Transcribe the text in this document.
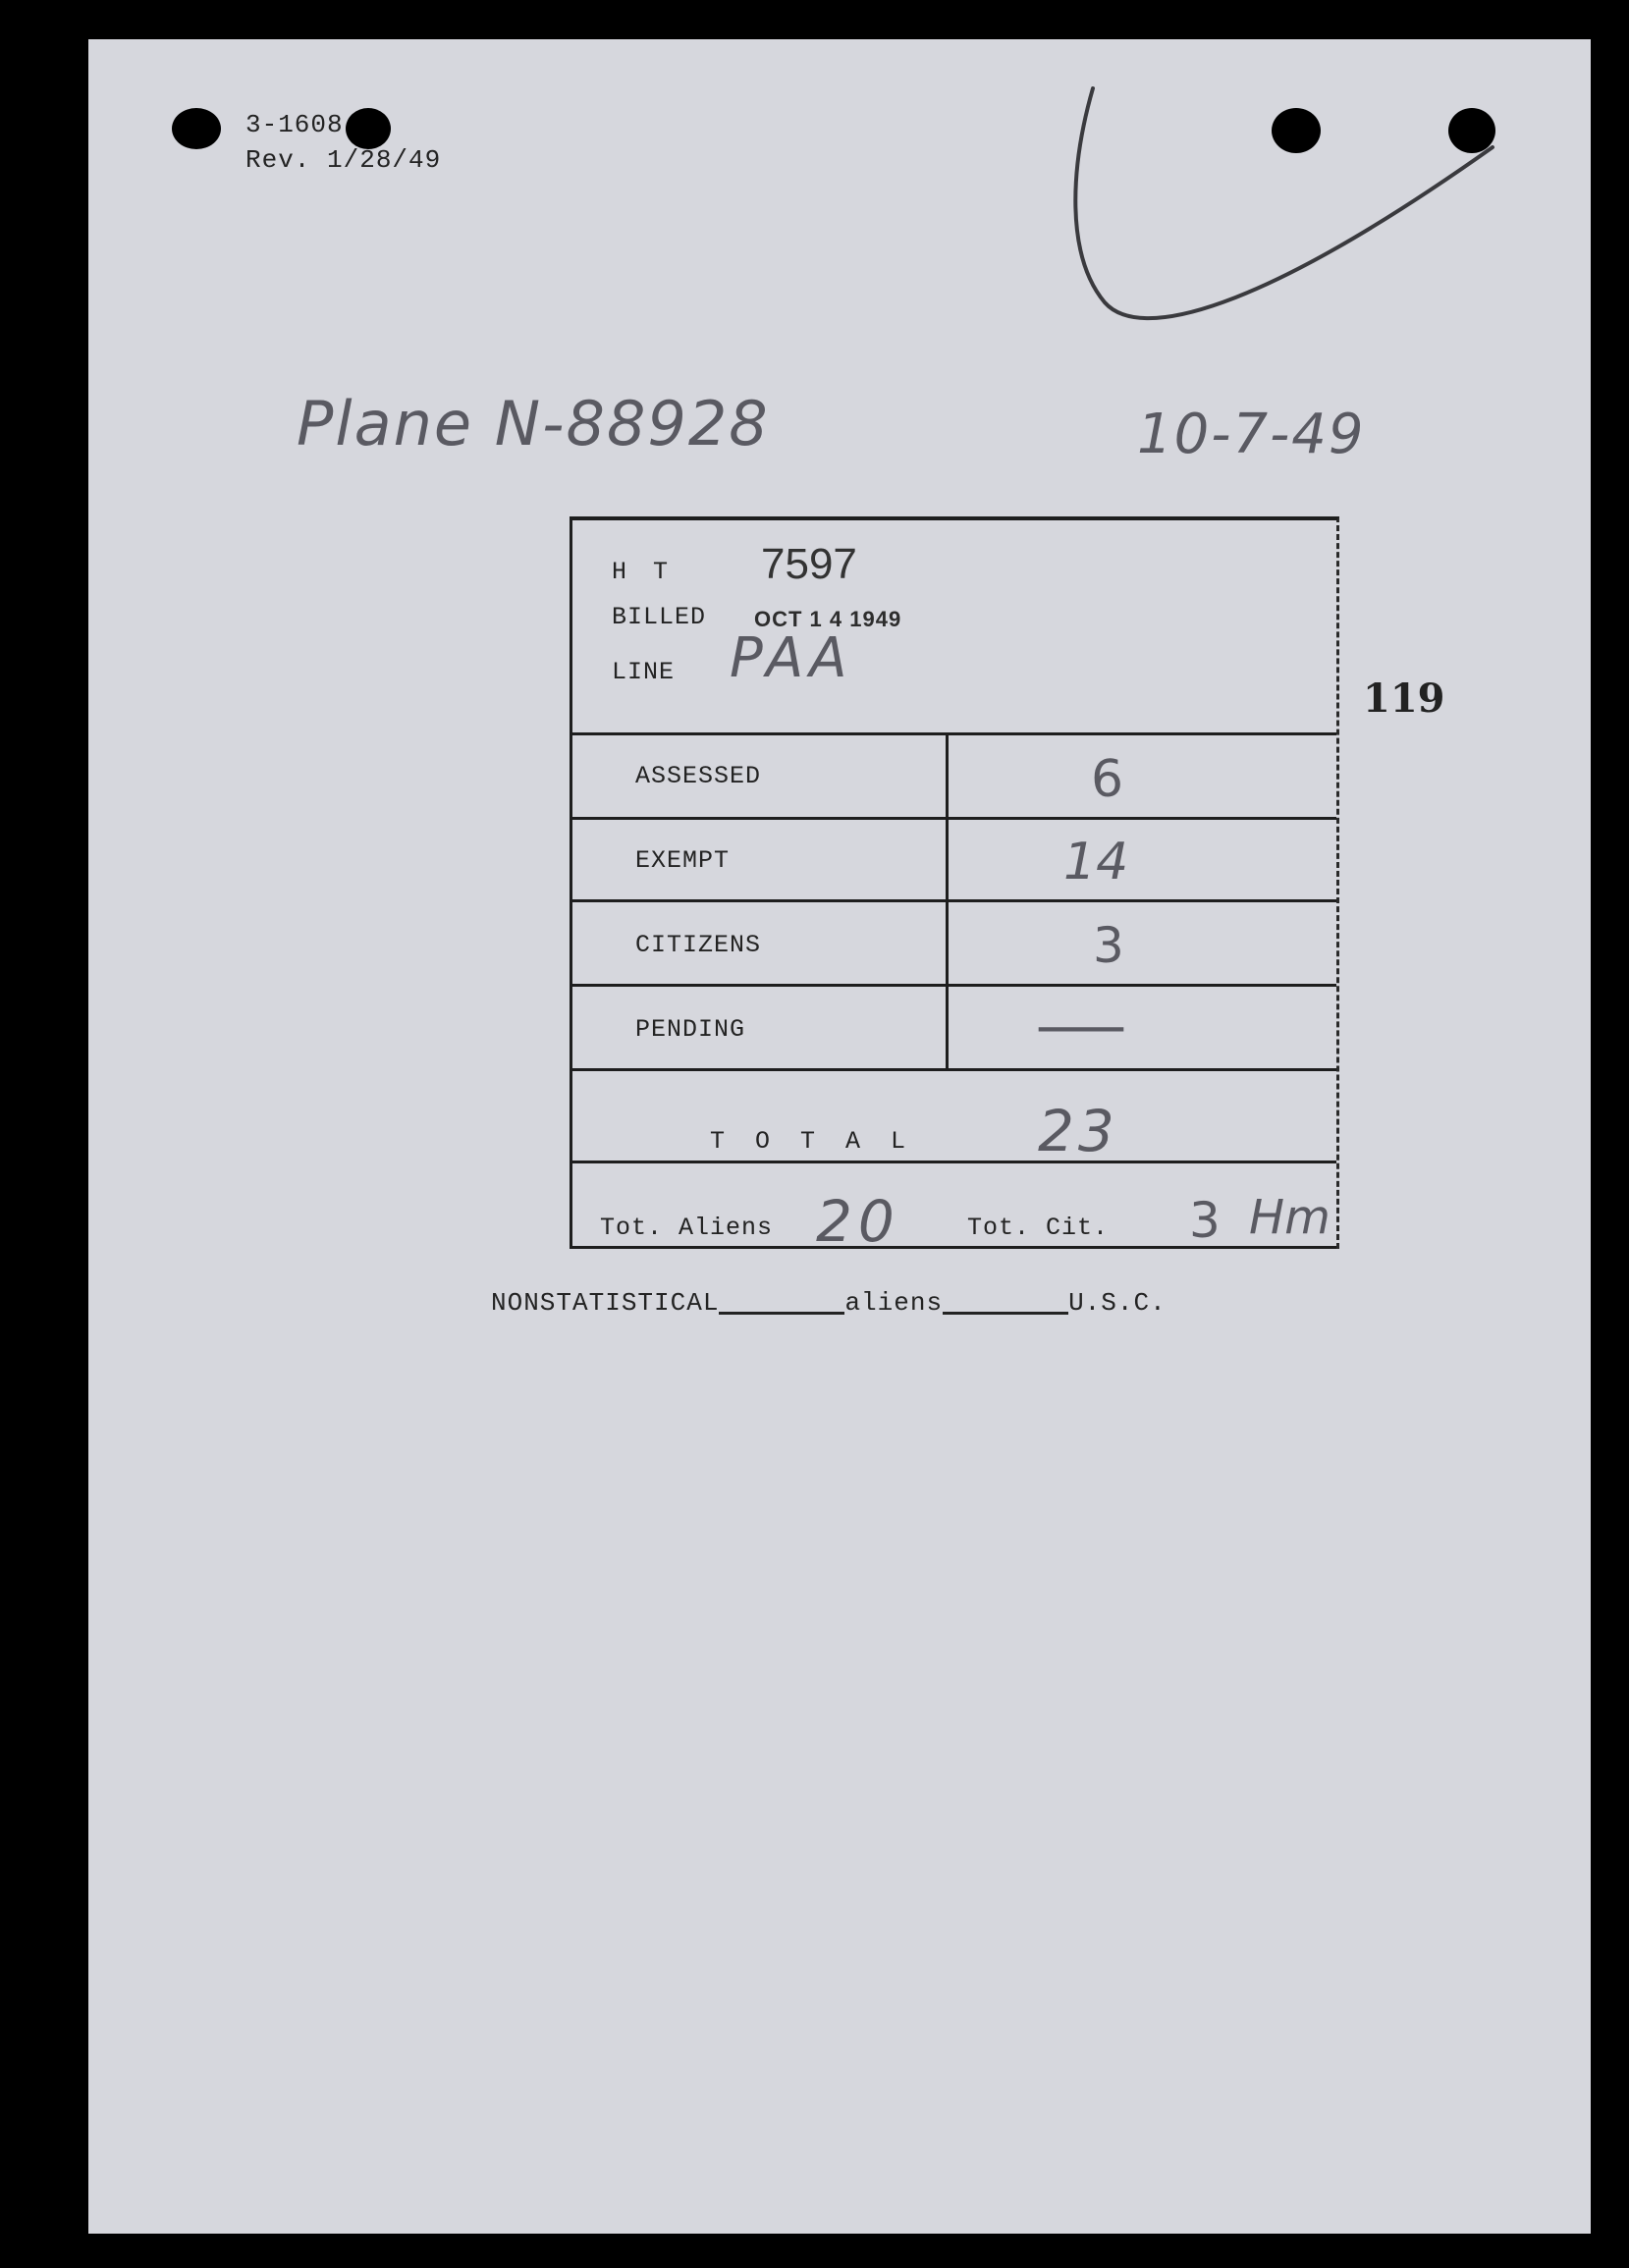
3-1608
Rev. 1/28/49
Plane N-88928	10-7-49
119
H T 7597
BILLED OCT 1 4 1949
LINE PAA
ASSESSED	6
EXEMPT	14
CITIZENS	3
PENDING	—
T O T A L 23
Tot. Aliens 20	Tot. Cit. 3 Hm
NONSTATISTICAL	aliens	U.S.C.
